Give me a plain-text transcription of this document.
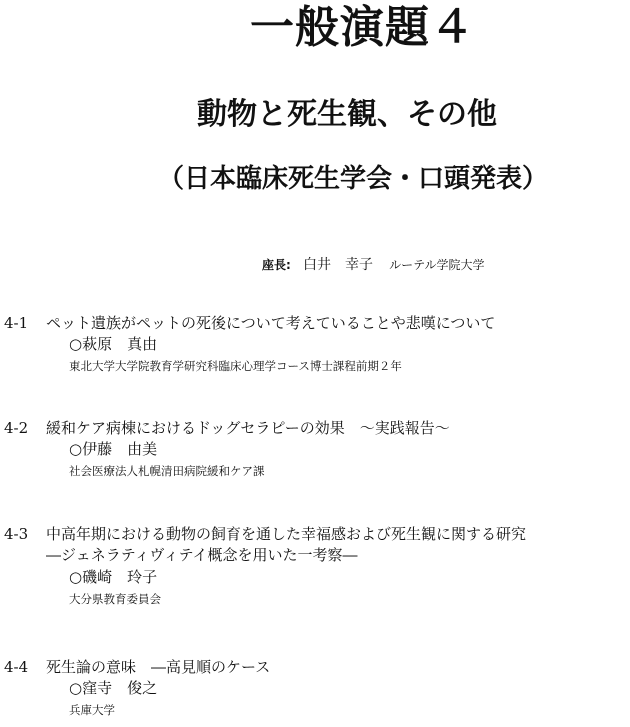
一般演題４
動物と死生観、その他
（日本臨床死生学会・口頭発表）
座長: 白井　幸子 ルーテル学院大学
4-1	ペット遺族がペットの死後について考えていることや悲嘆について
○萩原　真由
東北大学大学院教育学研究科臨床心理学コース博士課程前期２年
4-2	緩和ケア病棟におけるドッグセラピーの効果　～実践報告～
○伊藤　由美
社会医療法人札幌清田病院緩和ケア課
4-3	中高年期における動物の飼育を通した幸福感および死生観に関する研究
―ジェネラティヴィテイ概念を用いた一考察―
○磯崎　玲子
大分県教育委員会
4-4	死生論の意味　―高見順のケース
○窪寺　俊之
兵庫大学
